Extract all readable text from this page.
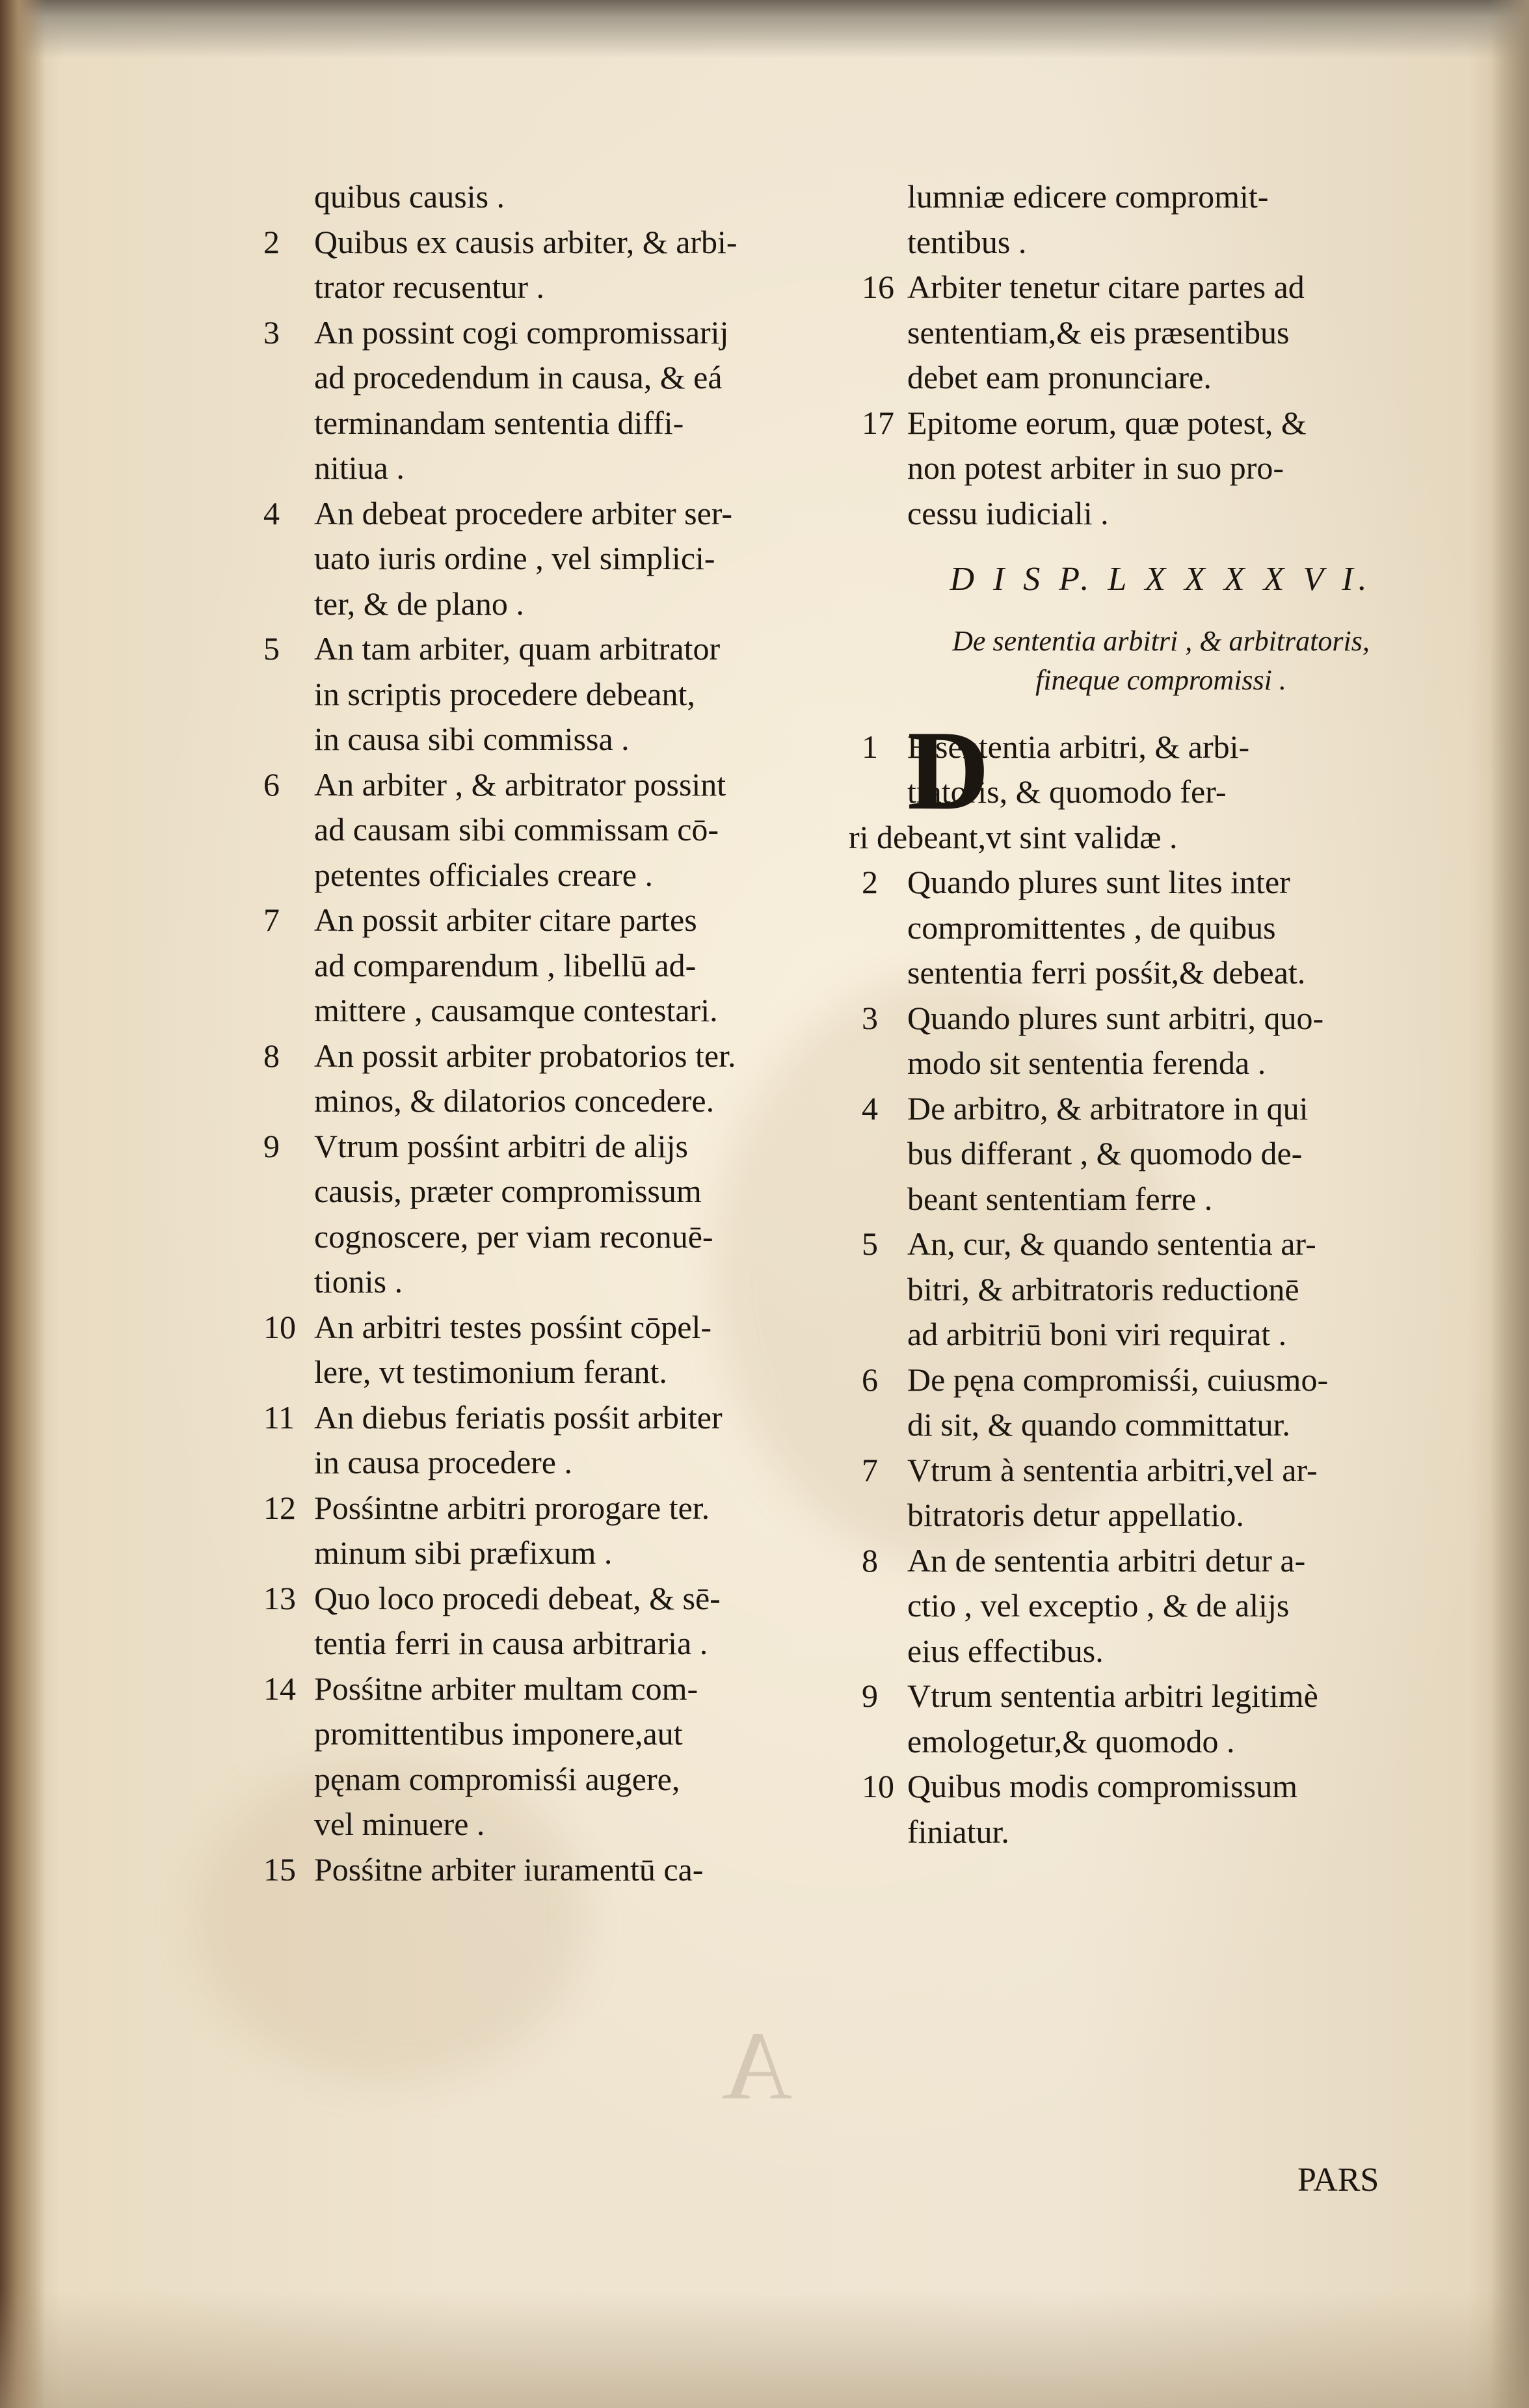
A
quibus causis .
2	Quibus ex causis arbiter, & arbi-
trator recusentur .
3	An possint cogi compromissarij
ad procedendum in causa, & eá
terminandam sententia diffi-
nitiua .
4	An debeat procedere arbiter ser-
uato iuris ordine , vel simplici-
ter, & de plano .
5	An tam arbiter, quam arbitrator
in scriptis procedere debeant,
in causa sibi commissa .
6	An arbiter , & arbitrator possint
ad causam sibi commissam cō-
petentes officiales creare .
7	An possit arbiter citare partes
ad comparendum , libellū ad-
mittere , causamque contestari.
8	An possit arbiter probatorios ter.
minos, & dilatorios concedere.
9	Vtrum posśint arbitri de alijs
causis, præter compromissum
cognoscere, per viam reconuē-
tionis .
10 An arbitri testes posśint cōpel-
lere, vt testimonium ferant.
11 An diebus feriatis posśit arbiter
in causa procedere .
12 Posśintne arbitri prorogare ter.
minum sibi præfixum .
13 Quo loco procedi debeat, & sē-
tentia ferri in causa arbitraria .
14 Posśitne arbiter multam com-
promittentibus imponere,aut
pęnam compromisśi augere,
vel minuere .
15 Posśitne arbiter iuramentū ca-
lumniæ edicere compromit-
tentibus .
16 Arbiter tenetur citare partes ad
sententiam,& eis præsentibus
debet eam pronunciare.
17 Epitome eorum, quæ potest, &
non potest arbiter in suo pro-
cessu iudiciali .
D I S P. L X X X X V I.
De sententia arbitri , & arbitratoris,
fineque compromissi .
1 D
E sententia arbitri, & arbi-
tratoris, & quomodo fer-
ri debeant,vt sint validæ .
2 Quando plures sunt lites inter
compromittentes , de quibus
sententia ferri posśit,& debeat.
3 Quando plures sunt arbitri, quo-
modo sit sententia ferenda .
4 De arbitro, & arbitratore in qui
bus differant , & quomodo de-
beant sententiam ferre .
5 An, cur, & quando sententia ar-
bitri, & arbitratoris reductionē
ad arbitriū boni viri requirat .
6 De pęna compromisśi, cuiusmo-
di sit, & quando committatur.
7 Vtrum à sententia arbitri,vel ar-
bitratoris detur appellatio.
8 An de sententia arbitri detur a-
ctio , vel exceptio , & de alijs
eius effectibus.
9 Vtrum sententia arbitri legitimè
emologetur,& quomodo .
10 Quibus modis compromissum
finiatur.
PARS
